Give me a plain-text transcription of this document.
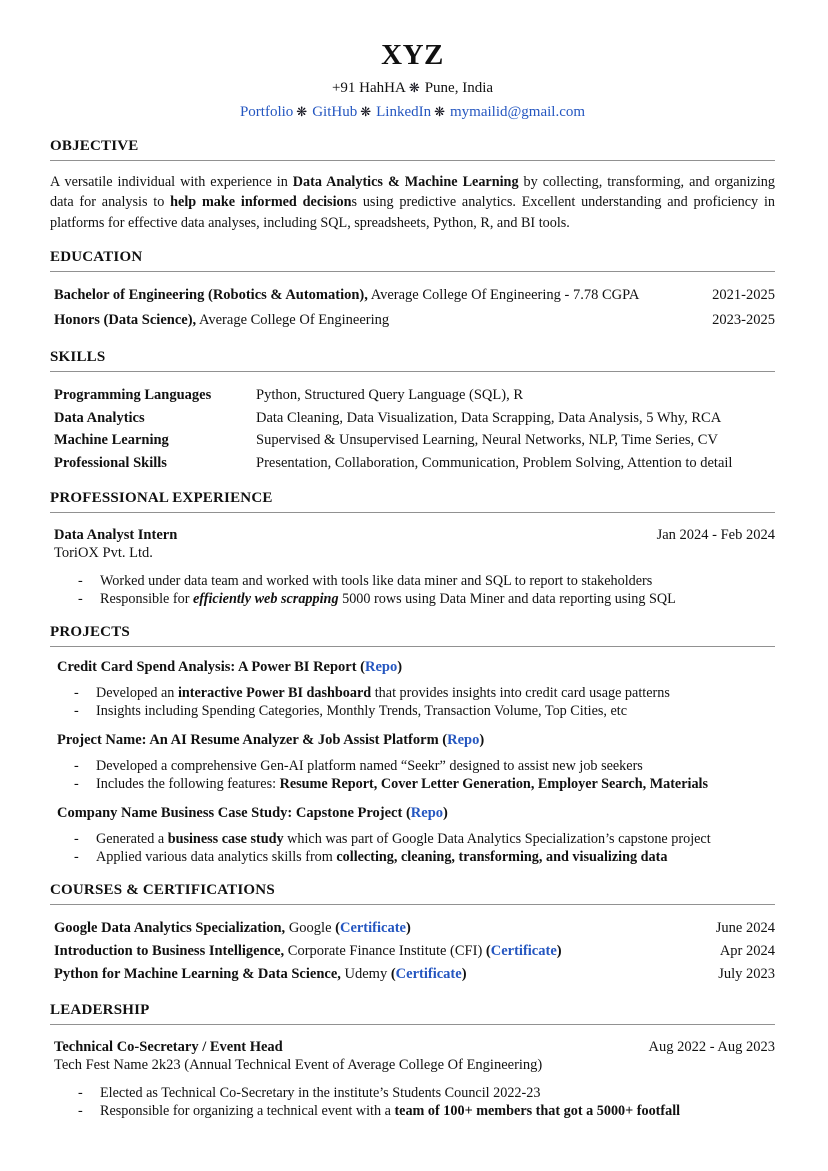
XYZ
+91 HahHA ❋ Pune, India
Portfolio ❋ GitHub ❋ LinkedIn ❋ mymailid@gmail.com
OBJECTIVE

A versatile individual with experience in Data Analytics & Machine Learning by collecting, transforming, and organizing data for analysis to help make informed decisions using predictive analytics. Excellent understanding and proficiency in platforms for effective data analyses, including SQL, spreadsheets, Python, R, and BI tools.

EDUCATION
Bachelor of Engineering (Robotics & Automation), Average College Of Engineering - 7.78 CGPA	2021-2025
Honors (Data Science), Average College Of Engineering	2023-2025
SKILLS
Programming Languages	Python, Structured Query Language (SQL), R
Data Analytics	Data Cleaning, Data Visualization, Data Scrapping, Data Analysis, 5 Why, RCA
Machine Learning	Supervised & Unsupervised Learning, Neural Networks, NLP, Time Series, CV
Professional Skills	Presentation, Collaboration, Communication, Problem Solving, Attention to detail
PROFESSIONAL EXPERIENCE
Data Analyst Intern	Jan 2024 - Feb 2024
ToriOX Pvt. Ltd.
-	Worked under data team and worked with tools like data miner and SQL to report to stakeholders
-	Responsible for efficiently web scrapping 5000 rows using Data Miner and data reporting using SQL
PROJECTS
Credit Card Spend Analysis: A Power BI Report (Repo)
-	Developed an interactive Power BI dashboard that provides insights into credit card usage patterns
-	Insights including Spending Categories, Monthly Trends, Transaction Volume, Top Cities, etc
Project Name: An AI Resume Analyzer & Job Assist Platform (Repo)
-	Developed a comprehensive Gen-AI platform named “Seekr” designed to assist new job seekers
-	Includes the following features: Resume Report, Cover Letter Generation, Employer Search, Materials
Company Name Business Case Study: Capstone Project (Repo)
-	Generated a business case study which was part of Google Data Analytics Specialization’s capstone project
-	Applied various data analytics skills from collecting, cleaning, transforming, and visualizing data
COURSES & CERTIFICATIONS
Google Data Analytics Specialization, Google (Certificate)	June 2024
Introduction to Business Intelligence, Corporate Finance Institute (CFI) (Certificate)	Apr 2024
Python for Machine Learning & Data Science, Udemy (Certificate)	July 2023
LEADERSHIP
Technical Co-Secretary / Event Head	Aug 2022 - Aug 2023
Tech Fest Name 2k23 (Annual Technical Event of Average College Of Engineering)
-	Elected as Technical Co-Secretary in the institute’s Students Council 2022-23
-	Responsible for organizing a technical event with a team of 100+ members that got a 5000+ footfall
